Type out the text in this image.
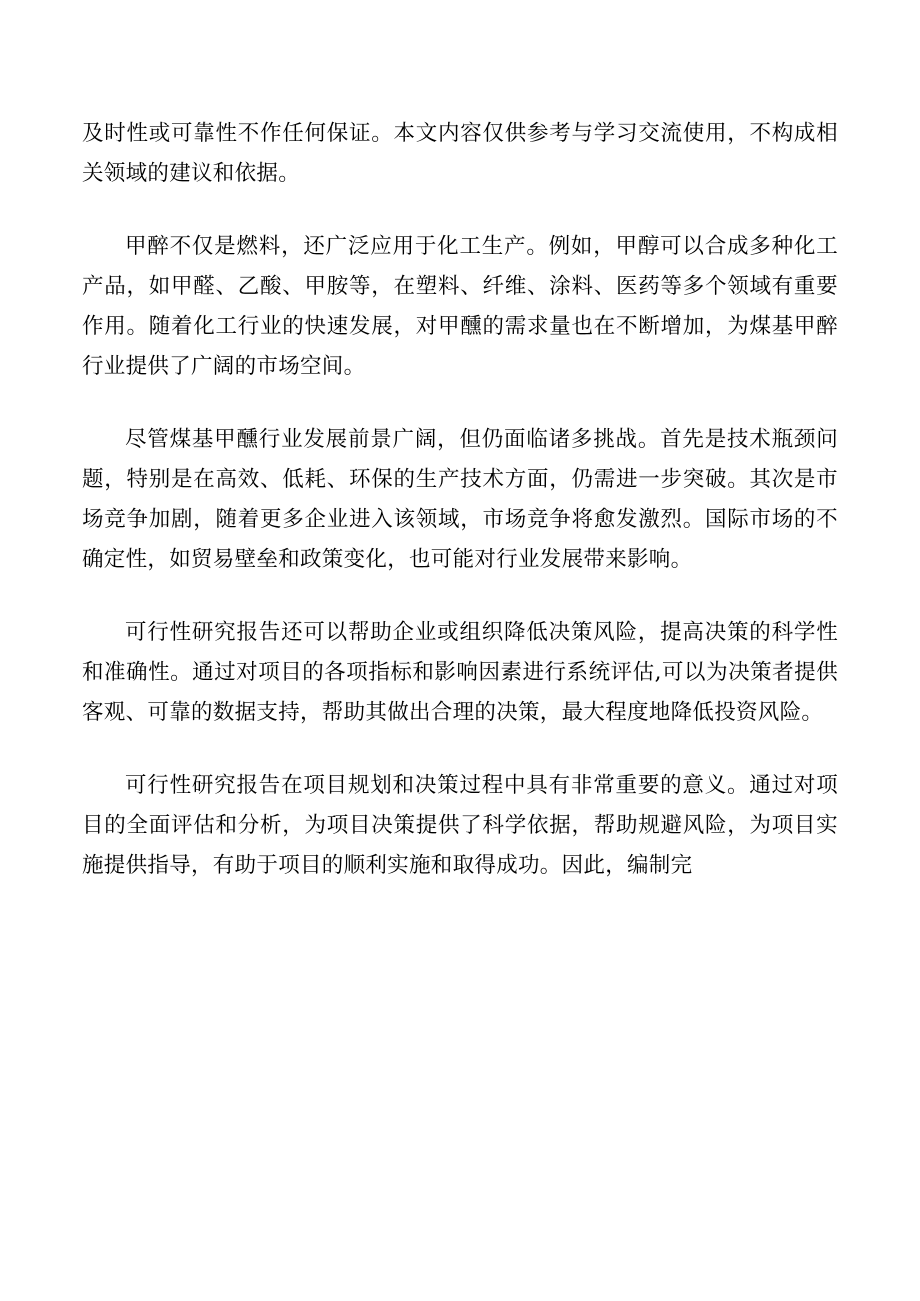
及时性或可靠性不作任何保证。本文内容仅供参考与学习交流使用，不构成相关领域的建议和依据。

甲醉不仅是燃料，还广泛应用于化工生产。例如，甲醇可以合成多种化工产品，如甲醛、乙酸、甲胺等，在塑料、纤维、涂料、医药等多个领域有重要作用。随着化工行业的快速发展，对甲醺的需求量也在不断增加，为煤基甲醉行业提供了广阔的市场空间。

尽管煤基甲醺行业发展前景广阔，但仍面临诸多挑战。首先是技术瓶颈问题，特别是在高效、低耗、环保的生产技术方面，仍需进一步突破。其次是市场竞争加剧，随着更多企业进入该领域，市场竞争将愈发激烈。国际市场的不确定性，如贸易壁垒和政策变化，也可能对行业发展带来影响。

可行性研究报告还可以帮助企业或组织降低决策风险，提高决策的科学性和准确性。通过对项目的各项指标和影响因素进行系统评估,可以为决策者提供客观、可靠的数据支持，帮助其做出合理的决策，最大程度地降低投资风险。

可行性研究报告在项目规划和决策过程中具有非常重要的意义。通过对项目的全面评估和分析，为项目决策提供了科学依据，帮助规避风险，为项目实施提供指导，有助于项目的顺利实施和取得成功。因此，编制完
